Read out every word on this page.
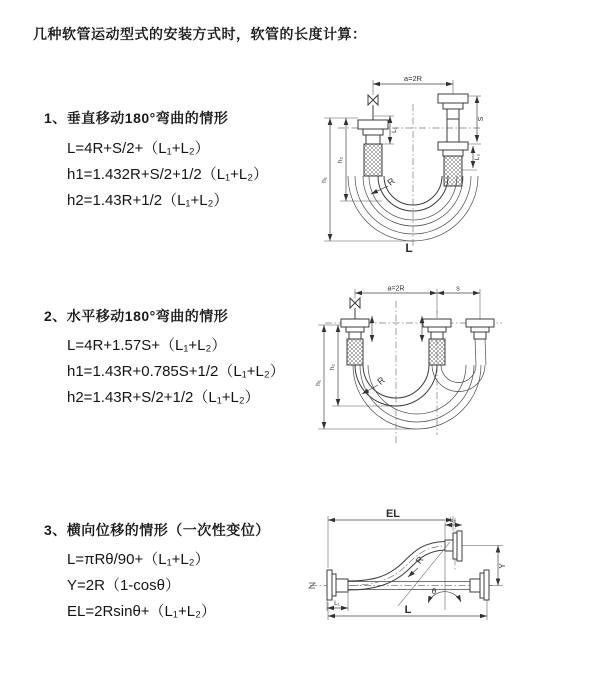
几种软管运动型式的安装方式时，软管的长度计算：
1、垂直移动180°弯曲的情形
L=4R+S/2+（L₁+L₂）
h1=1.432R+S/2+1/2（L₁+L₂）
h2=1.43R+1/2（L₁+L₂）
2、水平移动180°弯曲的情形
L=4R+1.57S+（L₁+L₂）
h1=1.43R+0.785S+1/2（L₁+L₂）
h2=1.43R+S/2+1/2（L₁+L₂）
3、横向位移的情形（一次性变位）
L=πRθ/90+（L₁+L₂）
Y=2R（1-cosθ）
EL=2Rsinθ+（L₁+L₂）
a=2R
S
L₂
L₁
h₂
h₁	R
L
a=2R	s
h₂
h₁	R
θ
EL
L₂
Y
L₁
L
R
